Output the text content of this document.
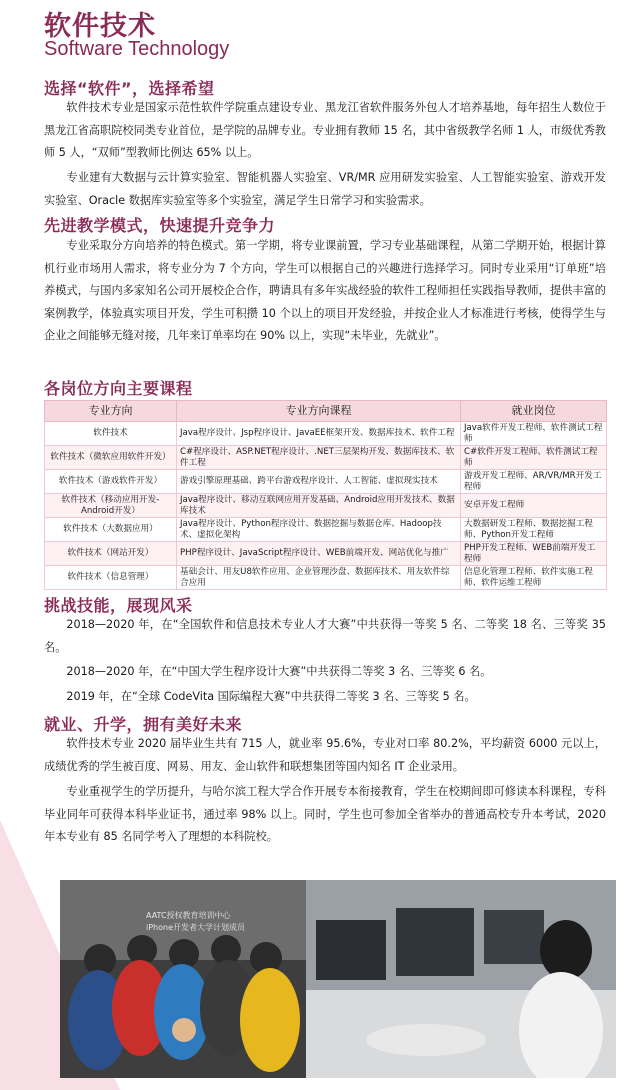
软件技术
Software Technology
选择“软件”，选择希望
软件技术专业是国家示范性软件学院重点建设专业、黑龙江省软件服务外包人才培养基地，每年招生人数位于黑龙江省高职院校同类专业首位，是学院的品牌专业。专业拥有教师 15 名，其中省级教学名师 1 人，市级优秀教师 5 人，“双师”型教师比例达 65% 以上。
专业建有大数据与云计算实验室、智能机器人实验室、VR/MR 应用研发实验室、人工智能实验室、游戏开发实验室、Oracle 数据库实验室等多个实验室，满足学生日常学习和实验需求。
先进教学模式，快速提升竞争力
专业采取分方向培养的特色模式。第一学期，将专业课前置，学习专业基础课程，从第二学期开始，根据计算机行业市场用人需求，将专业分为 7 个方向，学生可以根据自己的兴趣进行选择学习。同时专业采用“订单班”培养模式，与国内多家知名公司开展校企合作，聘请具有多年实战经验的软件工程师担任实践指导教师，提供丰富的案例教学，体验真实项目开发，学生可积攒 10 个以上的项目开发经验，并按企业人才标准进行考核，使得学生与企业之间能够无缝对接，几年来订单率均在 90% 以上，实现“未毕业，先就业”。
各岗位方向主要课程
专业方向	专业方向课程	就业岗位
软件技术	Java程序设计、Jsp程序设计、JavaEE框架开发、数据库技术、软件工程	Java软件开发工程师、软件测试工程师
软件技术（微软应用软件开发）	C#程序设计、ASP.NET程序设计、.NET三层架构开发、数据库技术、软件工程	C#软件开发工程师、软件测试工程师
软件技术（游戏软件开发）	游戏引擎原理基础、跨平台游戏程序设计、人工智能、虚拟现实技术	游戏开发工程师、AR/VR/MR开发工程师
软件技术（移动应用开发-Android开发）	Java程序设计、移动互联网应用开发基础、Android应用开发技术、数据库技术	安卓开发工程师
软件技术（大数据应用）	Java程序设计、Python程序设计、数据挖掘与数据仓库、Hadoop技术、虚拟化架构	大数据研发工程师、数据挖掘工程师、Python开发工程师
软件技术（网站开发）	PHP程序设计、JavaScript程序设计、WEB前端开发、网站优化与推广	PHP开发工程师、WEB前端开发工程师
软件技术（信息管理）	基础会计、用友U8软件应用、企业管理沙盘、数据库技术、用友软件综合应用	信息化管理工程师、软件实施工程师、软件运维工程师
挑战技能，展现风采
2018—2020 年，在“全国软件和信息技术专业人才大赛”中共获得一等奖 5 名、二等奖 18 名、三等奖 35 名。
2018—2020 年，在“中国大学生程序设计大赛”中共获得二等奖 3 名、三等奖 6 名。
2019 年，在“全球 CodeVita 国际编程大赛”中共获得二等奖 3 名、三等奖 5 名。
就业、升学，拥有美好未来
软件技术专业 2020 届毕业生共有 715 人，就业率 95.6%，专业对口率 80.2%，平均薪资 6000 元以上，成绩优秀的学生被百度、网易、用友、金山软件和联想集团等国内知名 IT 企业录用。
专业重视学生的学历提升，与哈尔滨工程大学合作开展专本衔接教育，学生在校期间即可修读本科课程，专科毕业同年可获得本科毕业证书，通过率 98% 以上。同时，学生也可参加全省举办的普通高校专升本考试，2020 年本专业有 85 名同学考入了理想的本科院校。
AATC授权教育培训中心
iPhone开发者大学计划成员
